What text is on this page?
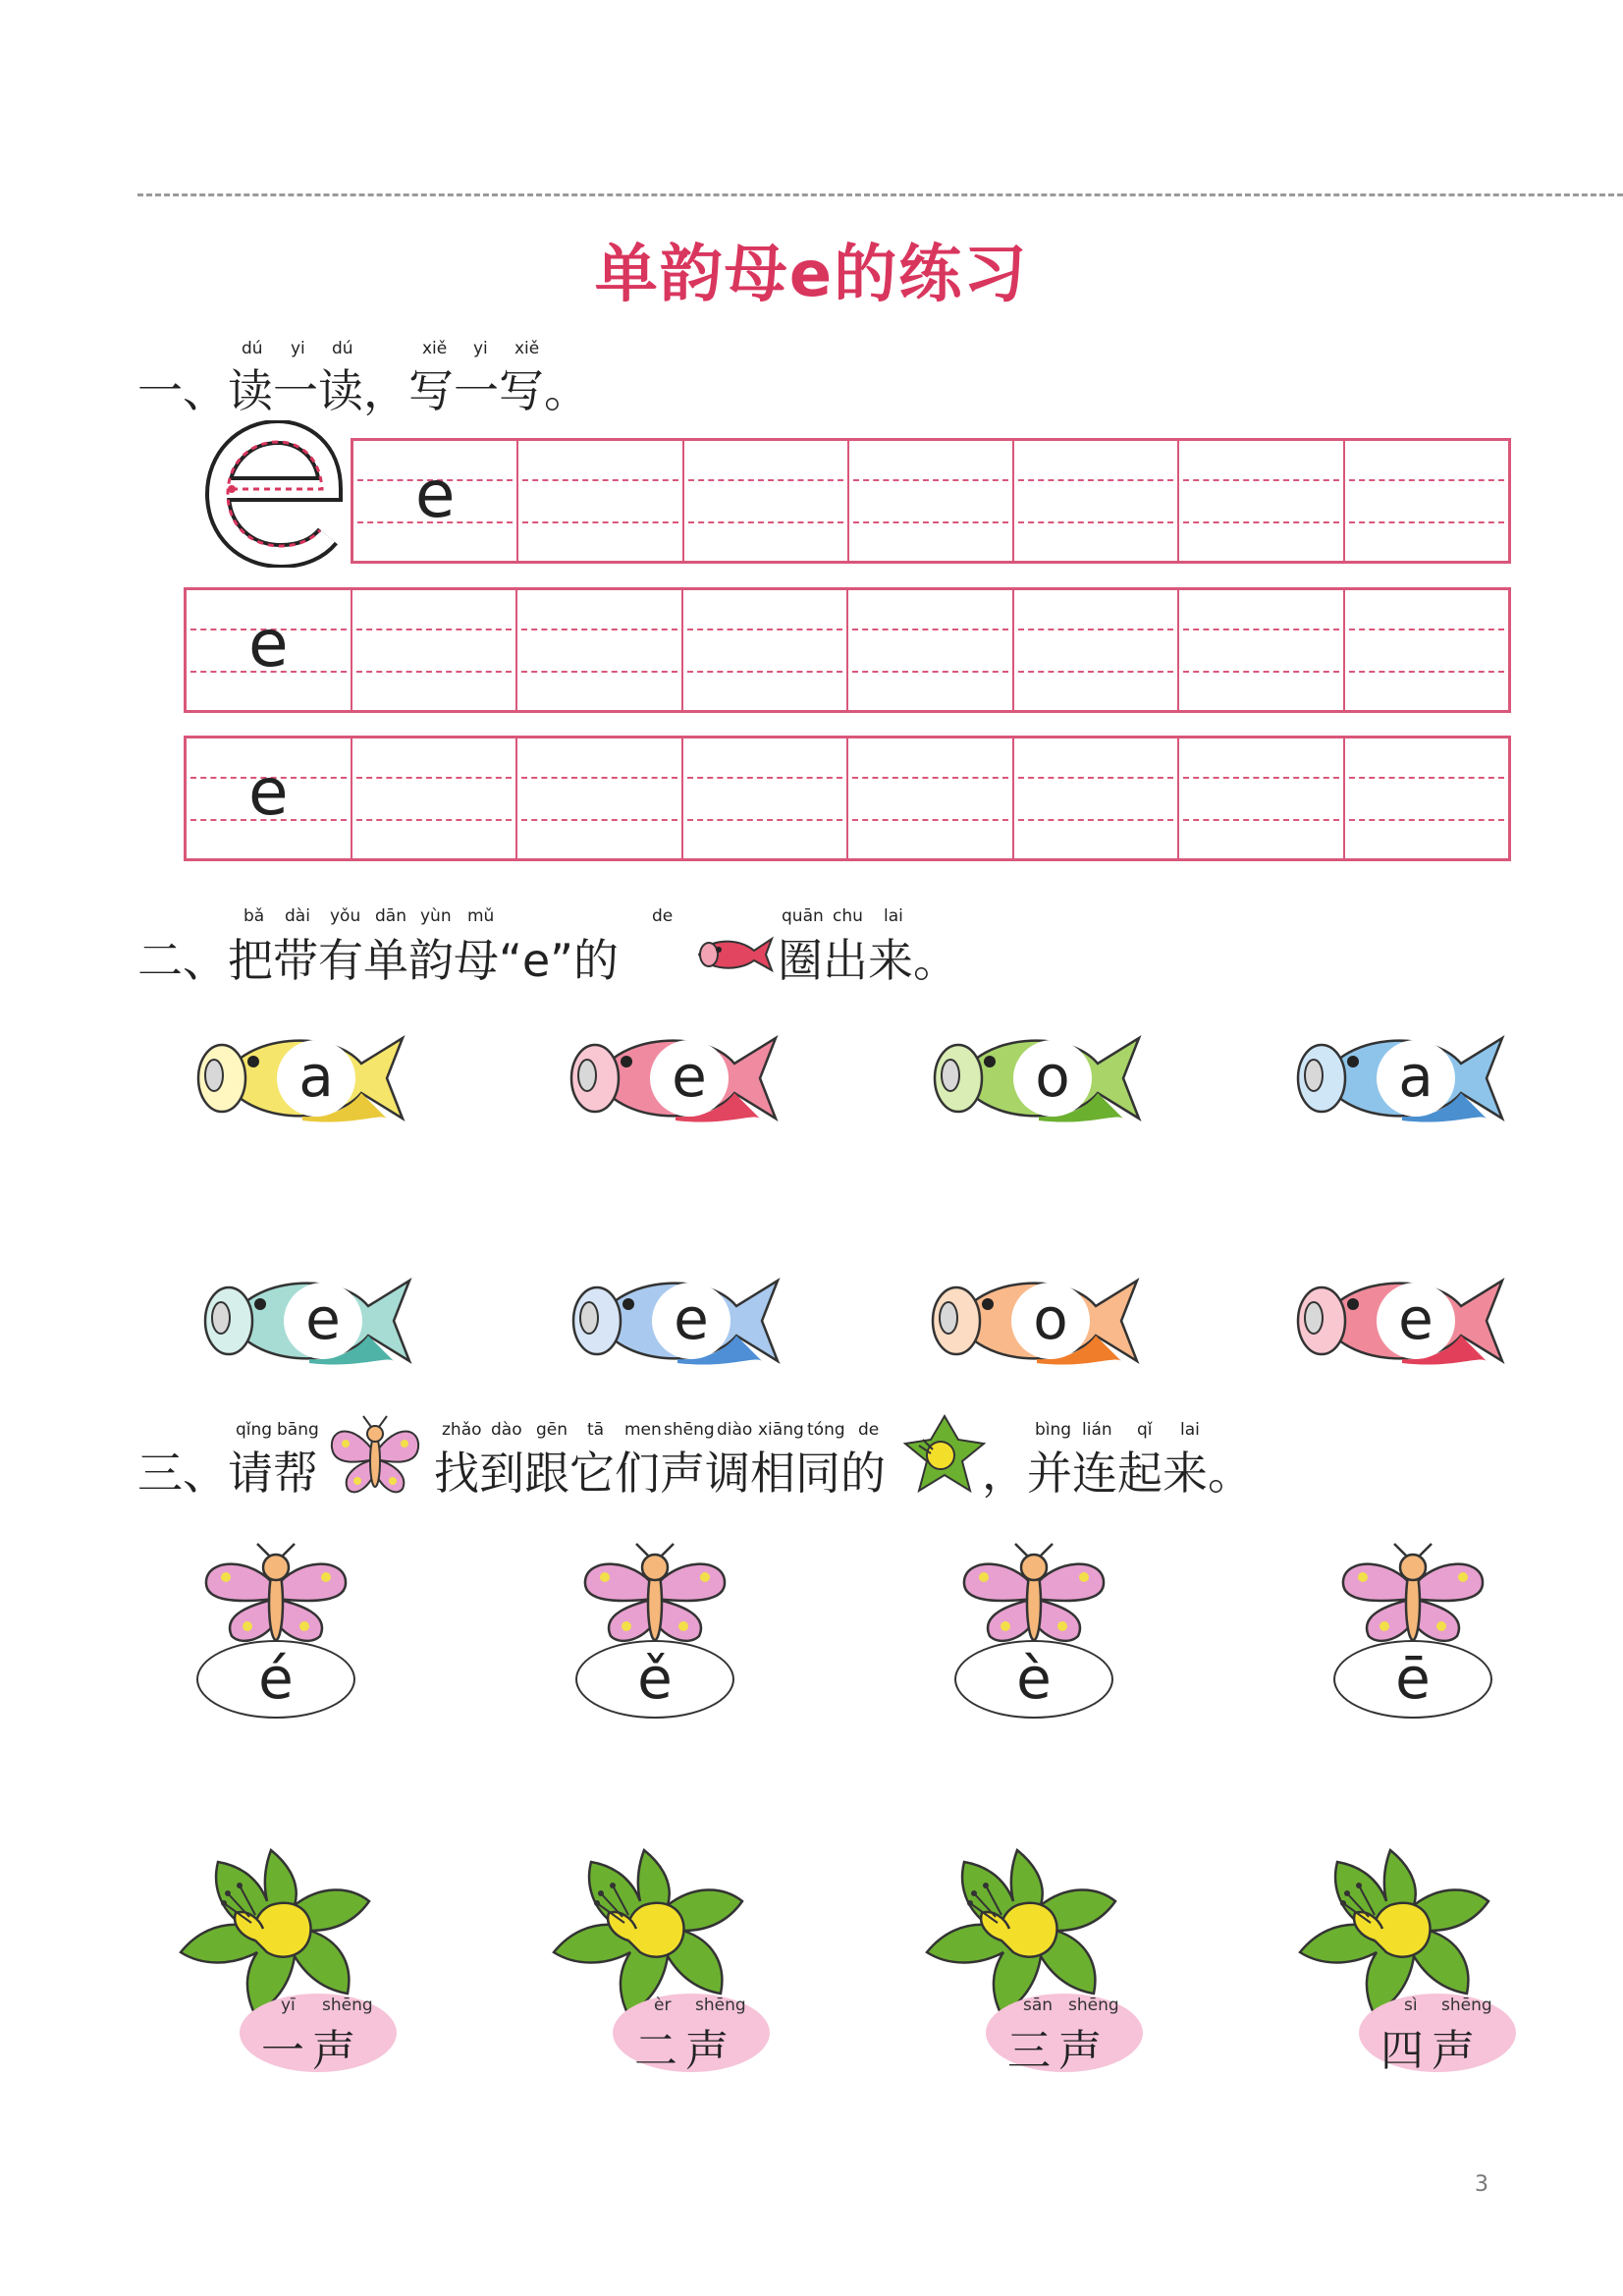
单韵母e的练习
dú yi dú	xiě yi xiě
一、读一读，写一写。
e
e
e
bǎ dài yǒu dān yùn mǔ	de	quān chu lai
二、把带有单韵母“e”的	圈出来。
a	e	o	a
e	e	o	e
qǐng bāng	zhǎo dào gēn tā men shēng diào xiāng tóng de	bìng lián qǐ lai
三、请帮	找到跟它们声调相同的 ，并连起来。
é	ě	è	ē
yī shēng
一声
èr shēng
二声
sān shēng
三声
sì shēng
四声
3
